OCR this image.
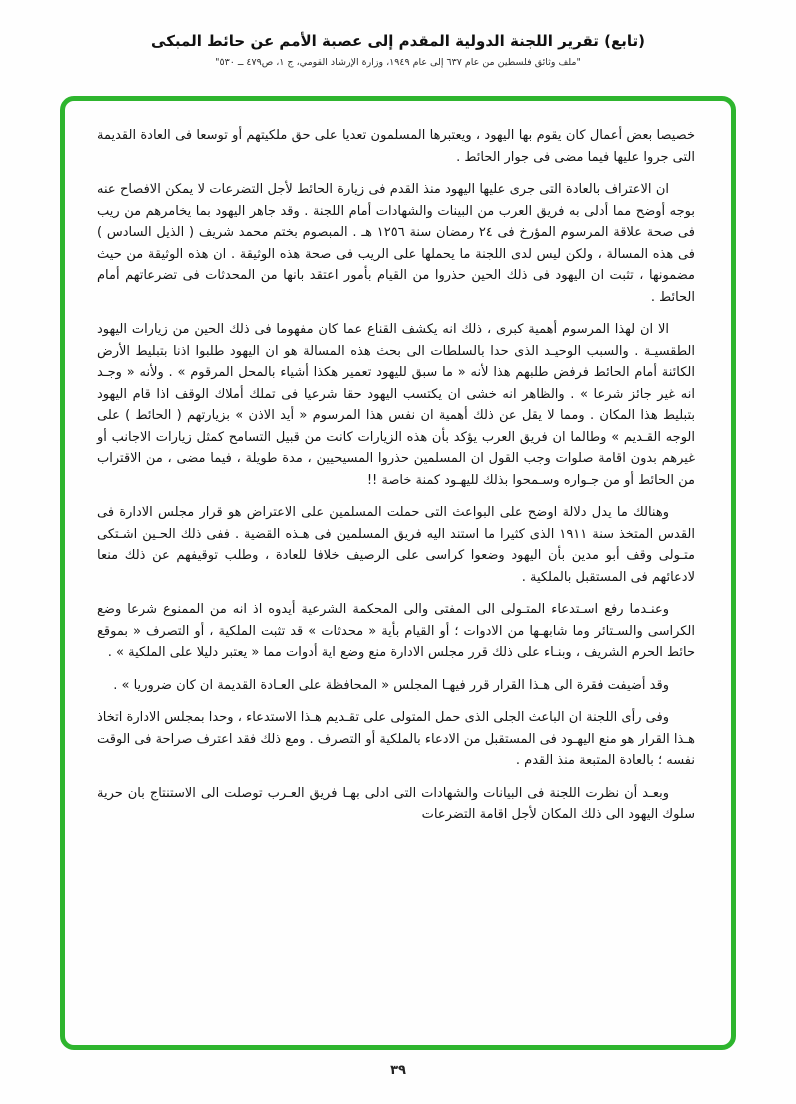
(تابع) تقرير اللجنة الدولية المقدم إلى عصبة الأمم عن حائط المبكى
"ملف وثائق فلسطين من عام ٦٣٧ إلى عام ١٩٤٩، وزارة الإرشاد القومي، ج ١، ص٤٧٩ ــ ٥٣٠"

خصيصا بعض أعمال كان يقوم بها اليهود ، ويعتبرها المسلمون تعديا على حق ملكيتهم أو توسعا فى العادة القديمة التى جروا عليها فيما مضى فى جوار الحائط .

ان الاعتراف بالعادة التى جرى عليها اليهود منذ القدم فى زيارة الحائط لأجل التضرعات لا يمكن الافصاح عنه بوجه أوضح مما أدلى به فريق العرب من البينات والشهادات أمام اللجنة . وقد جاهر اليهود بما يخامرهم من ريب فى صحة علاقة المرسوم المؤرخ فى ٢٤ رمضان سنة ١٢٥٦ هـ . المبصوم بختم محمد شريف ( الذيل السادس ) فى هذه المسالة ، ولكن ليس لدى اللجنة ما يحملها على الريب فى صحة هذه الوثيقة . ان هذه الوثيقة من حيث مضمونها ، تثبت ان اليهود فى ذلك الحين حذروا من القيام بأمور اعتقد بانها من المحدثات فى تضرعاتهم أمام الحائط .

الا ان لهذا المرسوم أهمية كبرى ، ذلك انه يكشف القناع عما كان مفهوما فى ذلك الحين من زيارات اليهود الطقسيـة . والسبب الوحيـد الذى حدا بالسلطات الى بحث هذه المسالة هو ان اليهود طلبوا اذنا بتبليط الأرض الكائنة أمام الحائط فرفض طلبهم هذا لأنه « ما سبق لليهود تعمير هكذا أشياء بالمحل المرقوم » . ولأنه « وجـد انه غير جائز شرعا » . والظاهر انه خشى ان يكتسب اليهود حقا شرعيا فى تملك أملاك الوقف اذا قام اليهود بتبليط هذا المكان . ومما لا يقل عن ذلك أهمية ان نفس هذا المرسوم « أيد الاذن » بزيارتهم ( الحائط ) على الوجه القـديم » وطالما ان فريق العرب يؤكد بأن هذه الزيارات كانت من قبيل التسامح كمثل زيارات الاجانب أو غيرهم بدون اقامة صلوات وجب القول ان المسلمين حذروا المسيحيين ، مدة طويلة ، فيما مضى ، من الاقتراب من الحائط أو من جـواره وسـمحوا بذلك لليهـود كمنة خاصة !!

وهنالك ما يدل دلالة اوضح على البواعث التى حملت المسلمين على الاعتراض هو قرار مجلس الادارة فى القدس المتخذ سنة ١٩١١ الذى كثيرا ما استند اليه فريق المسلمين فى هـذه القضية . ففى ذلك الحـين اشـتكى متـولى وقف أبو مدين بأن اليهود وضعوا كراسى على الرصيف خلافا للعادة ، وطلب توقيفهم عن ذلك منعا لادعائهم فى المستقبل بالملكية .

وعنـدما رفع اسـتدعاء المتـولى الى المفتى والى المحكمة الشرعية أيدوه اذ انه من الممنوع شرعا وضع الكراسى والسـتائر وما شابهـها من الادوات ؛ أو القيام بأية « محدثات » قد تثبت الملكية ، أو التصرف « بموقع حائط الحرم الشريف ، وبنـاء على ذلك قرر مجلس الادارة منع وضع اية أدوات مما « يعتبر دليلا على الملكية » .

وقد أضيفت فقرة الى هـذا القرار قرر فيهـا المجلس « المحافظة على العـادة القديمة ان كان ضروريا » .

وفى رأى اللجنة ان الباعث الجلى الذى حمل المتولى على تقـديم هـذا الاستدعاء ، وحدا بمجلس الادارة اتخاذ هـذا القرار هو منع اليهـود فى المستقبل من الادعاء بالملكية أو التصرف . ومع ذلك فقد اعترف صراحة فى الوقت نفسه ؛ بالعادة المتبعة منذ القدم .

وبعـد أن نظرت اللجنة فى البيانات والشهادات التى ادلى بهـا فريق العـرب توصلت الى الاستنتاج بان حرية سلوك اليهود الى ذلك المكان لأجل اقامة التضرعات

٣٩
